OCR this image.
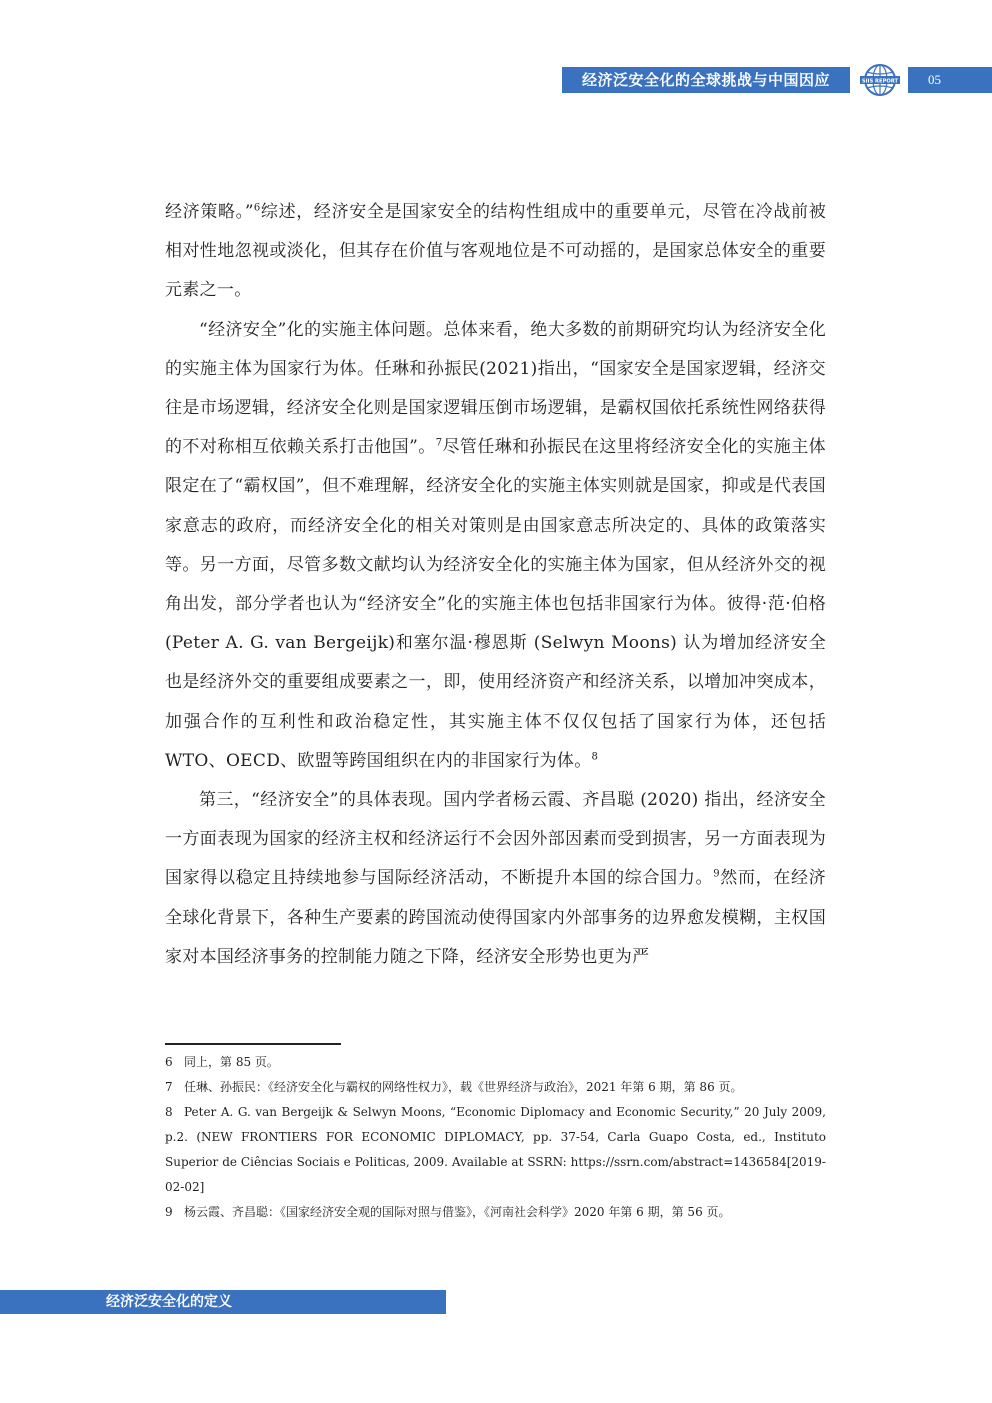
经济泛安全化的全球挑战与中国因应	SIIS REPORT	05

经济策略。”$^6$综述，经济安全是国家安全的结构性组成中的重要单元，尽管在冷战前被相对性地忽视或淡化，但其存在价值与客观地位是不可动摇的，是国家总体安全的重要元素之一。

“经济安全”化的实施主体问题。总体来看，绝大多数的前期研究均认为经济安全化的实施主体为国家行为体。任琳和孙振民(2021)指出，“国家安全是国家逻辑，经济交往是市场逻辑，经济安全化则是国家逻辑压倒市场逻辑，是霸权国依托系统性网络获得的不对称相互依赖关系打击他国”。$^7$尽管任琳和孙振民在这里将经济安全化的实施主体限定在了“霸权国”，但不难理解，经济安全化的实施主体实则就是国家，抑或是代表国家意志的政府，而经济安全化的相关对策则是由国家意志所决定的、具体的政策落实等。另一方面，尽管多数文献均认为经济安全化的实施主体为国家，但从经济外交的视角出发，部分学者也认为“经济安全”化的实施主体也包括非国家行为体。彼得·范·伯格(Peter A. G. van Bergeijk)和塞尔温·穆恩斯 (Selwyn Moons) 认为增加经济安全也是经济外交的重要组成要素之一，即，使用经济资产和经济关系，以增加冲突成本，加强合作的互利性和政治稳定性，其实施主体不仅仅包括了国家行为体，还包括 WTO、OECD、欧盟等跨国组织在内的非国家行为体。$^8$

第三，“经济安全”的具体表现。国内学者杨云霞、齐昌聪 (2020) 指出，经济安全一方面表现为国家的经济主权和经济运行不会因外部因素而受到损害，另一方面表现为国家得以稳定且持续地参与国际经济活动，不断提升本国的综合国力。$^9$然而，在经济全球化背景下，各种生产要素的跨国流动使得国家内外部事务的边界愈发模糊，主权国家对本国经济事务的控制能力随之下降，经济安全形势也更为严

6 同上，第 85 页。

7 任琳、孙振民：《经济安全化与霸权的网络性权力》，载《世界经济与政治》，2021 年第 6 期，第 86 页。

8 Peter A. G. van Bergeijk & Selwyn Moons, “Economic Diplomacy and Economic Security,” 20 July 2009, p.2. (NEW FRONTIERS FOR ECONOMIC DIPLOMACY, pp. 37-54, Carla Guapo Costa, ed., Instituto Superior de Ciências Sociais e Politicas, 2009. Available at SSRN: https://ssrn.com/abstract=1436584[2019-02-02]

9 杨云霞、齐昌聪：《国家经济安全观的国际对照与借鉴》，《河南社会科学》2020 年第 6 期，第 56 页。

经济泛安全化的定义
